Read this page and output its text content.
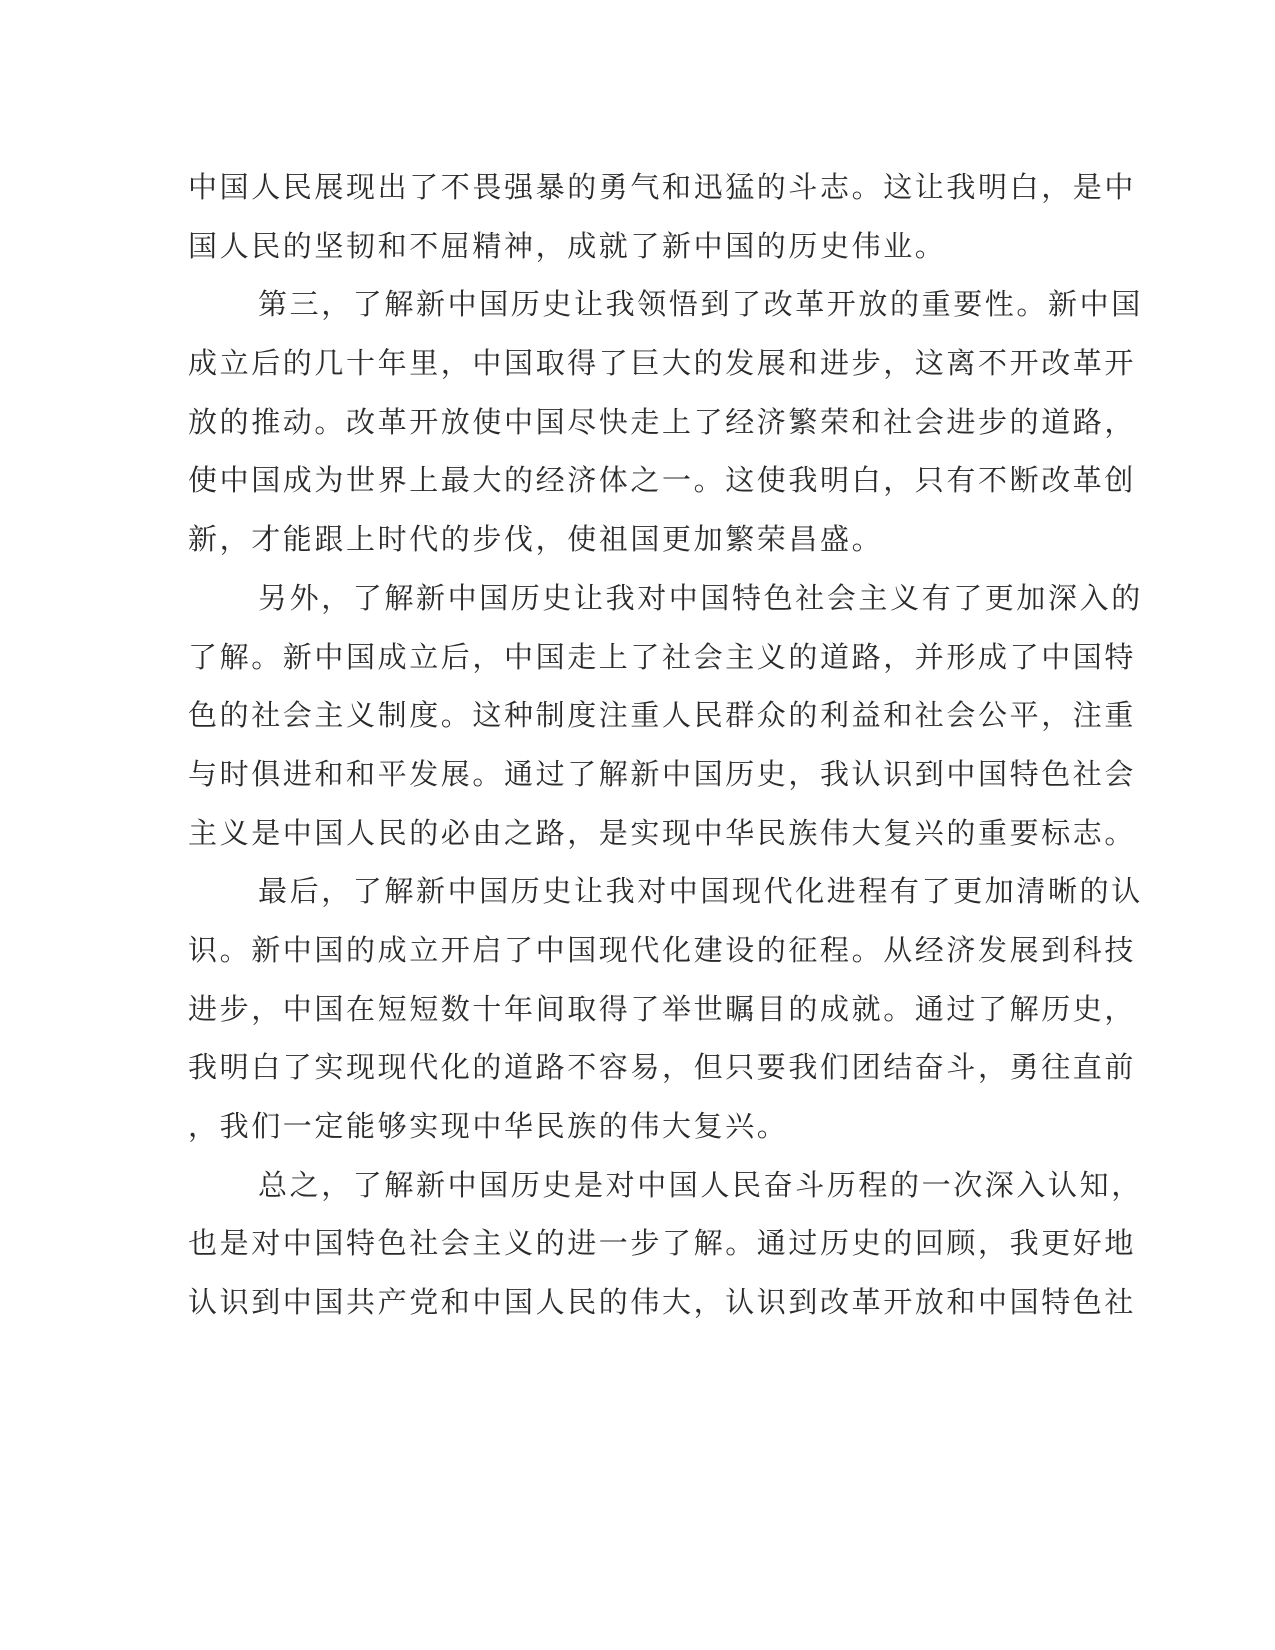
中国人民展现出了不畏强暴的勇气和迅猛的斗志。这让我明白，是中
国人民的坚韧和不屈精神，成就了新中国的历史伟业。
第三，了解新中国历史让我领悟到了改革开放的重要性。新中国
成立后的几十年里，中国取得了巨大的发展和进步，这离不开改革开
放的推动。改革开放使中国尽快走上了经济繁荣和社会进步的道路，
使中国成为世界上最大的经济体之一。这使我明白，只有不断改革创
新，才能跟上时代的步伐，使祖国更加繁荣昌盛。
另外，了解新中国历史让我对中国特色社会主义有了更加深入的
了解。新中国成立后，中国走上了社会主义的道路，并形成了中国特
色的社会主义制度。这种制度注重人民群众的利益和社会公平，注重
与时俱进和和平发展。通过了解新中国历史，我认识到中国特色社会
主义是中国人民的必由之路，是实现中华民族伟大复兴的重要标志。
最后，了解新中国历史让我对中国现代化进程有了更加清晰的认
识。新中国的成立开启了中国现代化建设的征程。从经济发展到科技
进步，中国在短短数十年间取得了举世瞩目的成就。通过了解历史，
我明白了实现现代化的道路不容易，但只要我们团结奋斗，勇往直前
，我们一定能够实现中华民族的伟大复兴。
总之，了解新中国历史是对中国人民奋斗历程的一次深入认知，
也是对中国特色社会主义的进一步了解。通过历史的回顾，我更好地
认识到中国共产党和中国人民的伟大，认识到改革开放和中国特色社
